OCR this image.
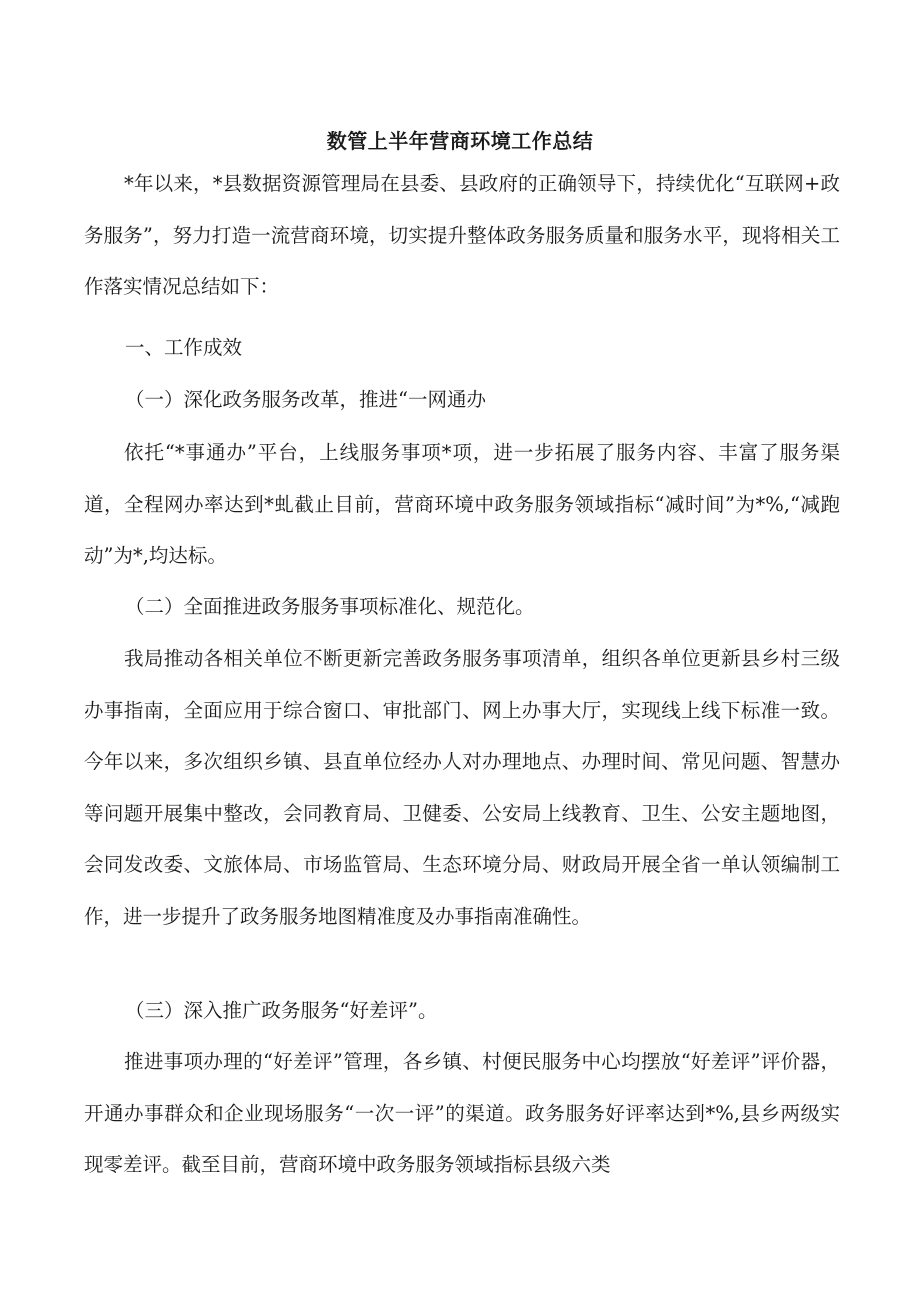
数管上半年营商环境工作总结

*年以来，*县数据资源管理局在县委、县政府的正确领导下，持续优化“互联网+政务服务”，努力打造一流营商环境，切实提升整体政务服务质量和服务水平，现将相关工作落实情况总结如下：

一、工作成效
（一）深化政务服务改革，推进“一网通办

依托“*事通办”平台，上线服务事项*项，进一步拓展了服务内容、丰富了服务渠道，全程网办率达到*虬截止目前，营商环境中政务服务领域指标“减时间”为*%,“减跑动”为*,均达标。

（二）全面推进政务服务事项标准化、规范化。

我局推动各相关单位不断更新完善政务服务事项清单，组织各单位更新县乡村三级办事指南，全面应用于综合窗口、审批部门、网上办事大厅，实现线上线下标准一致。今年以来，多次组织乡镇、县直单位经办人对办理地点、办理时间、常见问题、智慧办等问题开展集中整改，会同教育局、卫健委、公安局上线教育、卫生、公安主题地图，会同发改委、文旅体局、市场监管局、生态环境分局、财政局开展全省一单认领编制工作，进一步提升了政务服务地图精准度及办事指南准确性。

（三）深入推广政务服务“好差评”。

推进事项办理的“好差评”管理，各乡镇、村便民服务中心均摆放“好差评”评价器，开通办事群众和企业现场服务“一次一评”的渠道。政务服务好评率达到*%,县乡两级实现零差评。截至目前，营商环境中政务服务领域指标县级六类
